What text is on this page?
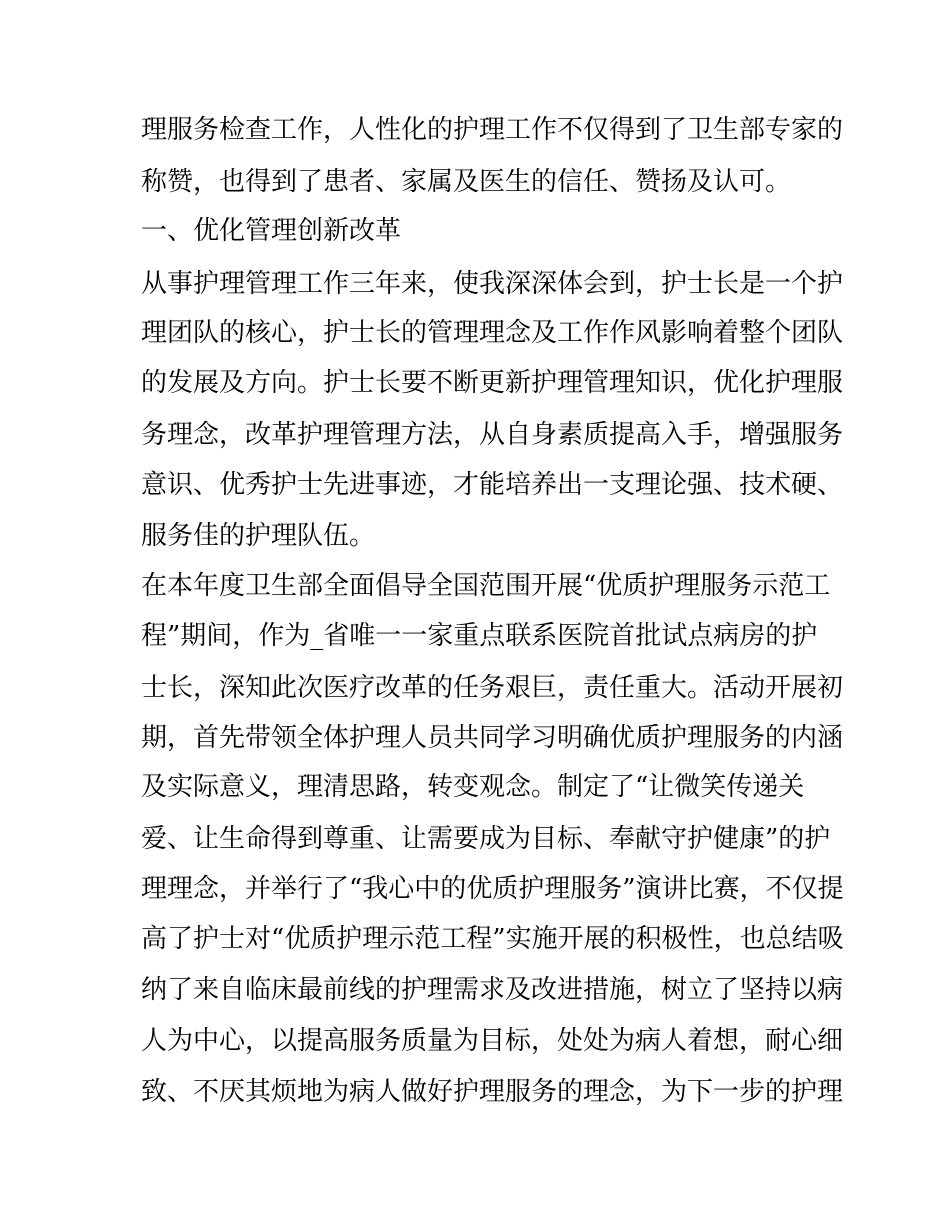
理服务检查工作，人性化的护理工作不仅得到了卫生部专家的
称赞，也得到了患者、家属及医生的信任、赞扬及认可。
一、优化管理创新改革
从事护理管理工作三年来，使我深深体会到，护士长是一个护
理团队的核心，护士长的管理理念及工作作风影响着整个团队
的发展及方向。护士长要不断更新护理管理知识，优化护理服
务理念，改革护理管理方法，从自身素质提高入手，增强服务
意识、优秀护士先进事迹，才能培养出一支理论强、技术硬、
服务佳的护理队伍。
在本年度卫生部全面倡导全国范围开展“优质护理服务示范工
程”期间，作为_省唯一一家重点联系医院首批试点病房的护
士长，深知此次医疗改革的任务艰巨，责任重大。活动开展初
期，首先带领全体护理人员共同学习明确优质护理服务的内涵
及实际意义，理清思路，转变观念。制定了“让微笑传递关
爱、让生命得到尊重、让需要成为目标、奉献守护健康”的护
理理念，并举行了“我心中的优质护理服务”演讲比赛，不仅提
高了护士对“优质护理示范工程”实施开展的积极性，也总结吸
纳了来自临床最前线的护理需求及改进措施，树立了坚持以病
人为中心，以提高服务质量为目标，处处为病人着想，耐心细
致、不厌其烦地为病人做好护理服务的理念，为下一步的护理
